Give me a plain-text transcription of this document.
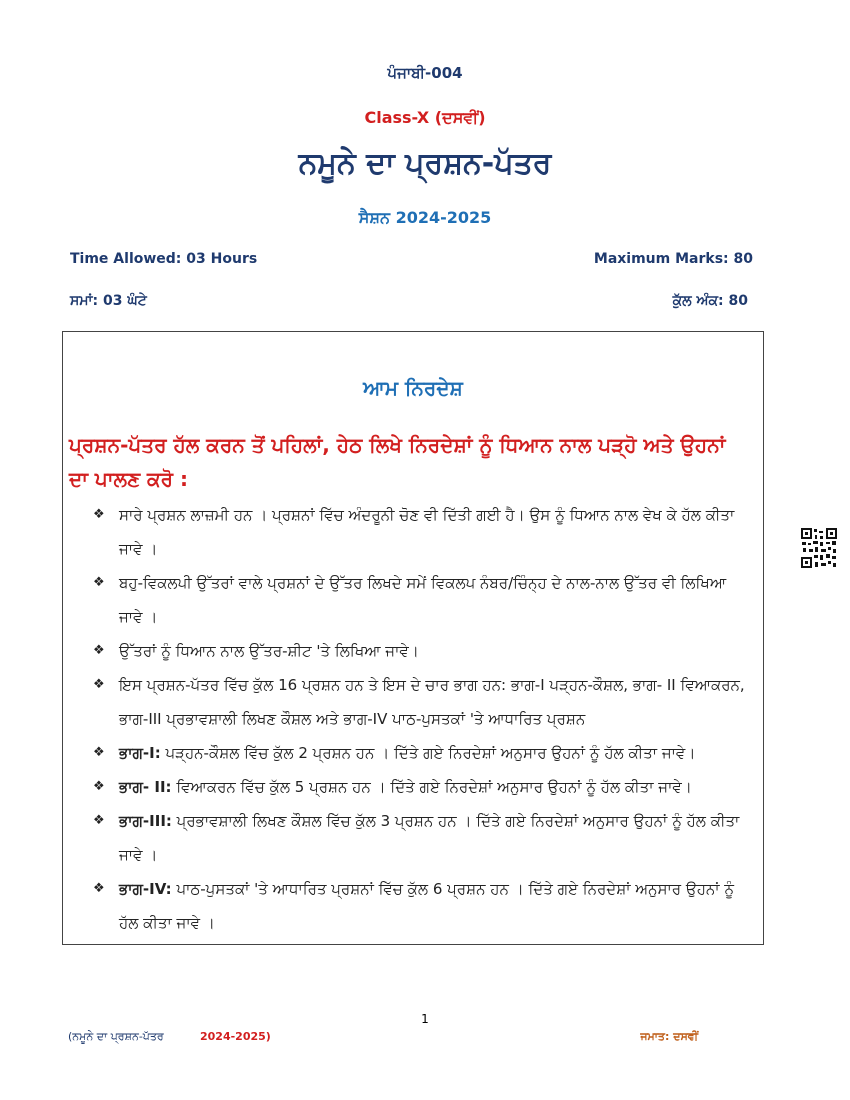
ਪੰਜਾਬੀ-004
Class-X (ਦਸਵੀਂ)
ਨਮੂਨੇ ਦਾ ਪ੍ਰਸ਼ਨ-ਪੱਤਰ
ਸੈਸ਼ਨ 2024-2025
Time Allowed: 03 Hours	Maximum Marks: 80
ਸਮਾਂ: 03 ਘੰਟੇ	ਕੁੱਲ ਅੰਕ: 80
ਆਮ ਨਿਰਦੇਸ਼
ਪ੍ਰਸ਼ਨ-ਪੱਤਰ ਹੱਲ ਕਰਨ ਤੋਂ ਪਹਿਲਾਂ, ਹੇਠ ਲਿਖੇ ਨਿਰਦੇਸ਼ਾਂ ਨੂੰ ਧਿਆਨ ਨਾਲ ਪੜ੍ਹੋ ਅਤੇ ਉਹਨਾਂ ਦਾ ਪਾਲਣ ਕਰੋ :
❖ ਸਾਰੇ ਪ੍ਰਸ਼ਨ ਲਾਜ਼ਮੀ ਹਨ । ਪ੍ਰਸ਼ਨਾਂ ਵਿੱਚ ਅੰਦਰੂਨੀ ਚੋਣ ਵੀ ਦਿੱਤੀ ਗਈ ਹੈ। ਉਸ ਨੂੰ ਧਿਆਨ ਨਾਲ ਵੇਖ ਕੇ ਹੱਲ ਕੀਤਾ ਜਾਵੇ ।
❖ ਬਹੁ-ਵਿਕਲਪੀ ਉੱਤਰਾਂ ਵਾਲੇ ਪ੍ਰਸ਼ਨਾਂ ਦੇ ਉੱਤਰ ਲਿਖਦੇ ਸਮੇਂ ਵਿਕਲਪ ਨੰਬਰ/ਚਿੰਨ੍ਹ ਦੇ ਨਾਲ-ਨਾਲ ਉੱਤਰ ਵੀ ਲਿਖਿਆ ਜਾਵੇ ।
❖ ਉੱਤਰਾਂ ਨੂੰ ਧਿਆਨ ਨਾਲ ਉੱਤਰ-ਸ਼ੀਟ 'ਤੇ ਲਿਖਿਆ ਜਾਵੇ।
❖ ਇਸ ਪ੍ਰਸ਼ਨ-ਪੱਤਰ ਵਿੱਚ ਕੁੱਲ 16 ਪ੍ਰਸ਼ਨ ਹਨ ਤੇ ਇਸ ਦੇ ਚਾਰ ਭਾਗ ਹਨ: ਭਾਗ-I ਪੜ੍ਹਨ-ਕੌਸ਼ਲ, ਭਾਗ- II ਵਿਆਕਰਨ, ਭਾਗ-III ਪ੍ਰਭਾਵਸ਼ਾਲੀ ਲਿਖਣ ਕੌਸ਼ਲ ਅਤੇ ਭਾਗ-IV ਪਾਠ-ਪੁਸਤਕਾਂ 'ਤੇ ਆਧਾਰਿਤ ਪ੍ਰਸ਼ਨ
❖ ਭਾਗ-I: ਪੜ੍ਹਨ-ਕੌਸ਼ਲ ਵਿੱਚ ਕੁੱਲ 2 ਪ੍ਰਸ਼ਨ ਹਨ । ਦਿੱਤੇ ਗਏ ਨਿਰਦੇਸ਼ਾਂ ਅਨੁਸਾਰ ਉਹਨਾਂ ਨੂੰ ਹੱਲ ਕੀਤਾ ਜਾਵੇ।
❖ ਭਾਗ- II: ਵਿਆਕਰਨ ਵਿੱਚ ਕੁੱਲ 5 ਪ੍ਰਸ਼ਨ ਹਨ । ਦਿੱਤੇ ਗਏ ਨਿਰਦੇਸ਼ਾਂ ਅਨੁਸਾਰ ਉਹਨਾਂ ਨੂੰ ਹੱਲ ਕੀਤਾ ਜਾਵੇ।
❖ ਭਾਗ-III: ਪ੍ਰਭਾਵਸ਼ਾਲੀ ਲਿਖਣ ਕੌਸ਼ਲ ਵਿੱਚ ਕੁੱਲ 3 ਪ੍ਰਸ਼ਨ ਹਨ । ਦਿੱਤੇ ਗਏ ਨਿਰਦੇਸ਼ਾਂ ਅਨੁਸਾਰ ਉਹਨਾਂ ਨੂੰ ਹੱਲ ਕੀਤਾ ਜਾਵੇ ।
❖ ਭਾਗ-IV: ਪਾਠ-ਪੁਸਤਕਾਂ 'ਤੇ ਆਧਾਰਿਤ ਪ੍ਰਸ਼ਨਾਂ ਵਿੱਚ ਕੁੱਲ 6 ਪ੍ਰਸ਼ਨ ਹਨ । ਦਿੱਤੇ ਗਏ ਨਿਰਦੇਸ਼ਾਂ ਅਨੁਸਾਰ ਉਹਨਾਂ ਨੂੰ ਹੱਲ ਕੀਤਾ ਜਾਵੇ ।
1
(ਨਮੂਨੇ ਦਾ ਪ੍ਰਸ਼ਨ-ਪੱਤਰ	2024-2025)	ਜਮਾਤ: ਦਸਵੀਂ
